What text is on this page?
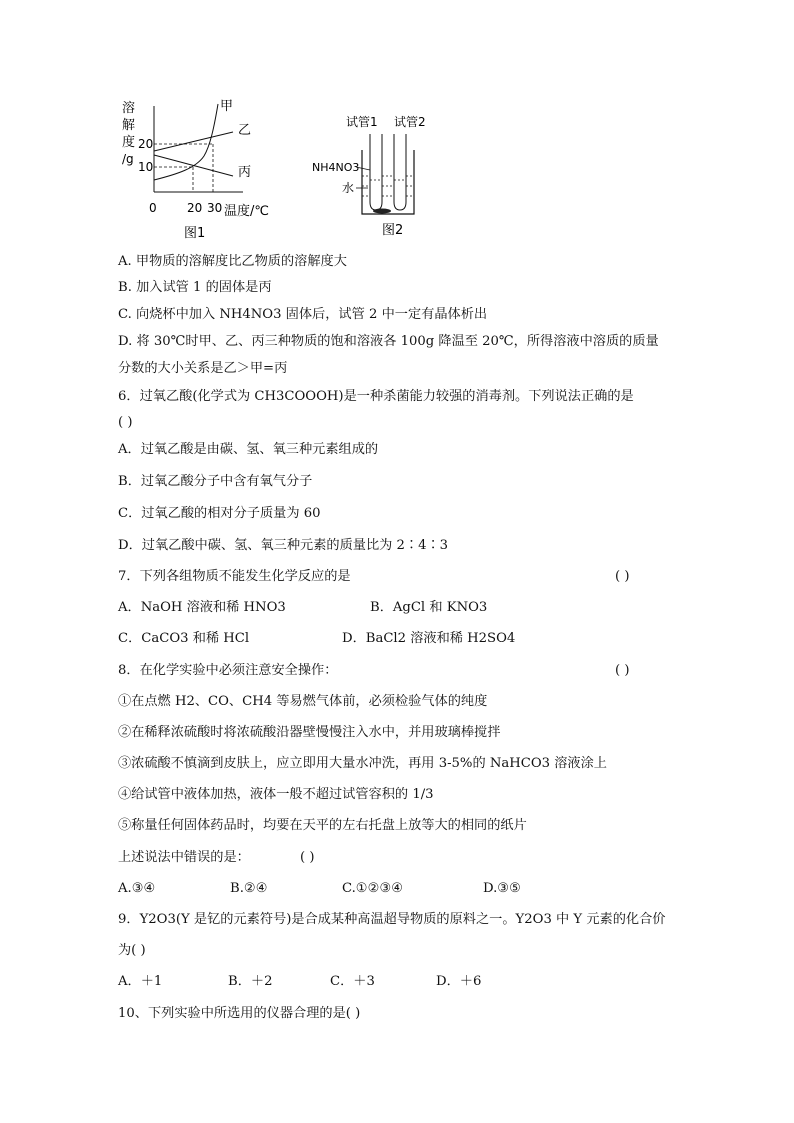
溶
解
度
/g
20
10
甲
乙
丙
0	20 30 温度/℃
图1
试管1 试管2
NH4NO3
水
图2
A. 甲物质的溶解度比乙物质的溶解度大
B. 加入试管 1 的固体是丙
C. 向烧杯中加入 NH4NO3 固体后，试管 2 中一定有晶体析出
D. 将 30℃时甲、乙、丙三种物质的饱和溶液各 100g 降温至 20℃，所得溶液中溶质的质量
分数的大小关系是乙＞甲=丙
6．过氧乙酸(化学式为 CH3COOOH)是一种杀菌能力较强的消毒剂。下列说法正确的是
( )
A．过氧乙酸是由碳、氢、氧三种元素组成的
B．过氧乙酸分子中含有氧气分子
C．过氧乙酸的相对分子质量为 60
D．过氧乙酸中碳、氢、氧三种元素的质量比为 2∶4∶3
7．下列各组物质不能发生化学反应的是	( )
A．NaOH 溶液和稀 HNO3	B．AgCl 和 KNO3
C．CaCO3 和稀 HCl	D．BaCl2 溶液和稀 H2SO4
8．在化学实验中必须注意安全操作：	( )
①在点燃 H2、CO、CH4 等易燃气体前，必须检验气体的纯度
②在稀释浓硫酸时将浓硫酸沿器壁慢慢注入水中，并用玻璃棒搅拌
③浓硫酸不慎滴到皮肤上，应立即用大量水冲洗，再用 3-5%的 NaHCO3 溶液涂上
④给试管中液体加热，液体一般不超过试管容积的 1/3
⑤称量任何固体药品时，均要在天平的左右托盘上放等大的相同的纸片
上述说法中错误的是：	( )
A.③④	B.②④	C.①②③④	D.③⑤
9．Y2O3(Y 是钇的元素符号)是合成某种高温超导物质的原料之一。Y2O3 中 Y 元素的化合价
为( )
A．＋1	B．＋2	C．＋3	D．＋6
10、下列实验中所选用的仪器合理的是( )
